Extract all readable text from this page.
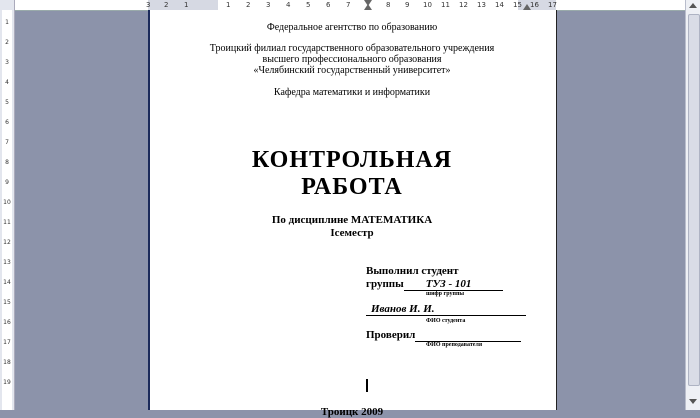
3 2 1	1 2 3 4 5 6 7	8 9 10 11 12 13 14 15 16 17
1
2
3
4
5
6
7
8
9
10
11
12
13
14
15
16
17
18
19
Федеральное агентство по образованию
Троицкий филиал государственного образовательного учреждения
высшего профессионального образования
«Челябинский государственный университет»
Кафедра математики и информатики
КОНТРОЛЬНАЯ
РАБОТА
По дисциплине МАТЕМАТИКА
Iсеместр
Выполнил студент
группы ТУЗ - 101
шифр группы
Иванов И. И.
ФИО студента
Проверил
ФИО преподавателя
Троицк 2009
